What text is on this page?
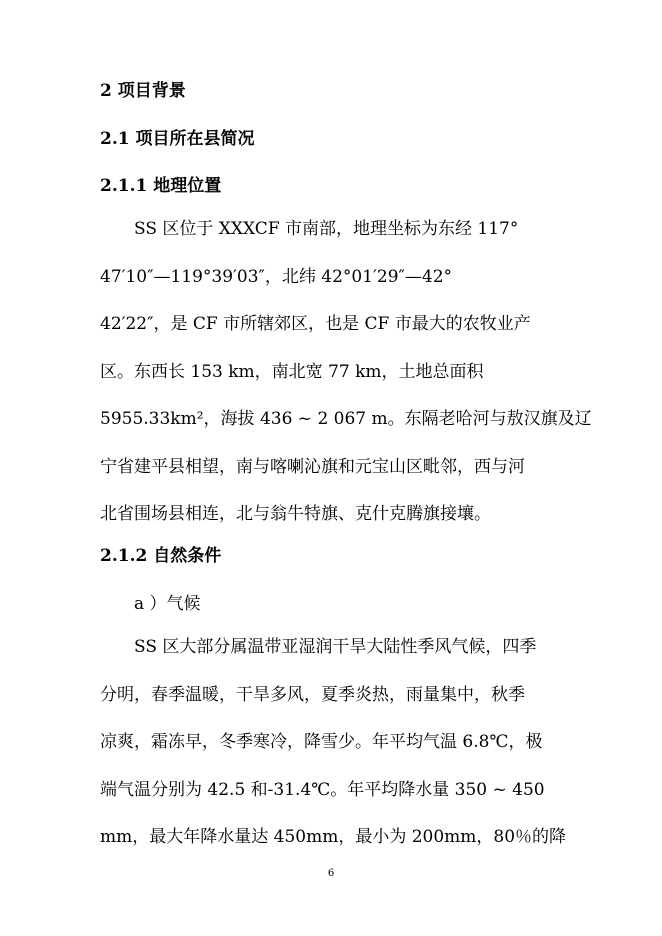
2 项目背景
2.1 项目所在县简况
2.1.1 地理位置
SS 区位于 XXXCF 市南部，地理坐标为东经 117°
47′10″—119°39′03″，北纬 42°01′29″—42°
42′22″，是 CF 市所辖郊区，也是 CF 市最大的农牧业产
区。东西长 153 km，南北宽 77 km，土地总面积
5955.33km²，海拔 436 ~ 2 067 m。东隔老哈河与敖汉旗及辽
宁省建平县相望，南与喀喇沁旗和元宝山区毗邻，西与河
北省围场县相连，北与翁牛特旗、克什克腾旗接壤。
2.1.2 自然条件
a ）气候
SS 区大部分属温带亚湿润干旱大陆性季风气候，四季
分明，春季温暖，干旱多风，夏季炎热，雨量集中，秋季
凉爽，霜冻早，冬季寒冷，降雪少。年平均气温 6.8℃，极
端气温分别为 42.5 和-31.4℃。年平均降水量 350 ~ 450
mm，最大年降水量达 450mm，最小为 200mm，80％的降
6
